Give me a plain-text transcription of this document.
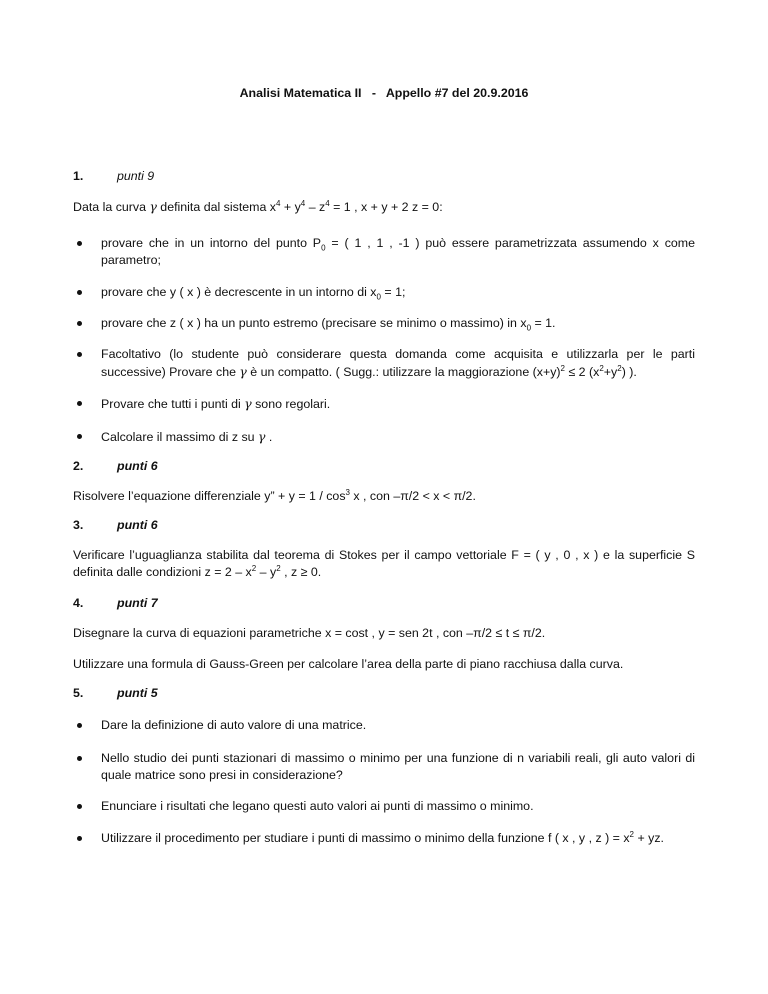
Analisi Matematica II   -   Appello #7 del 20.9.2016
1.	punti 9
Data la curva γ definita dal sistema $x^4 + y^4 - z^4 = 1$ , x + y + 2 z = 0:
provare che in un intorno del punto $P_0$ = ( 1 , 1 , -1 ) può essere parametrizzata assumendo x come parametro;
provare che y ( x ) è decrescente in un intorno di $x_0 = 1$;
provare che z ( x ) ha un punto estremo (precisare se minimo o massimo) in $x_0 = 1$.
Facoltativo (lo studente può considerare questa domanda come acquisita e utilizzarla per le parti successive) Provare che γ è un compatto. ( Sugg.: utilizzare la maggiorazione $(x+y)^2 \le 2$ $(x^2+y^2)$ ).
Provare che tutti i punti di γ sono regolari.
Calcolare il massimo di z su γ .
2.	punti 6
Risolvere l’equazione differenziale y” + $y = 1 / \cos^3 x$ , con –π/2 < x < π/2.
3.	punti 6
Verificare l’uguaglianza stabilita dal teorema di Stokes per il campo vettoriale F = ( y , 0 , x ) e la superficie S definita dalle condizioni $z = 2 - x^2 - y^2$ , z ≥ 0.
4.	punti 7
Disegnare la curva di equazioni parametriche x = cost , y = sen 2t , con –π/2 ≤ t ≤ π/2.
Utilizzare una formula di Gauss-Green per calcolare l’area della parte di piano racchiusa dalla curva.
5.	punti 5
Dare la definizione di auto valore di una matrice.
Nello studio dei punti stazionari di massimo o minimo per una funzione di n variabili reali, gli auto valori di quale matrice sono presi in considerazione?
Enunciare i risultati che legano questi auto valori ai punti di massimo o minimo.
Utilizzare il procedimento per studiare i punti di massimo o minimo della funzione f ( x , y , z ) = $x^2$ + yz.
